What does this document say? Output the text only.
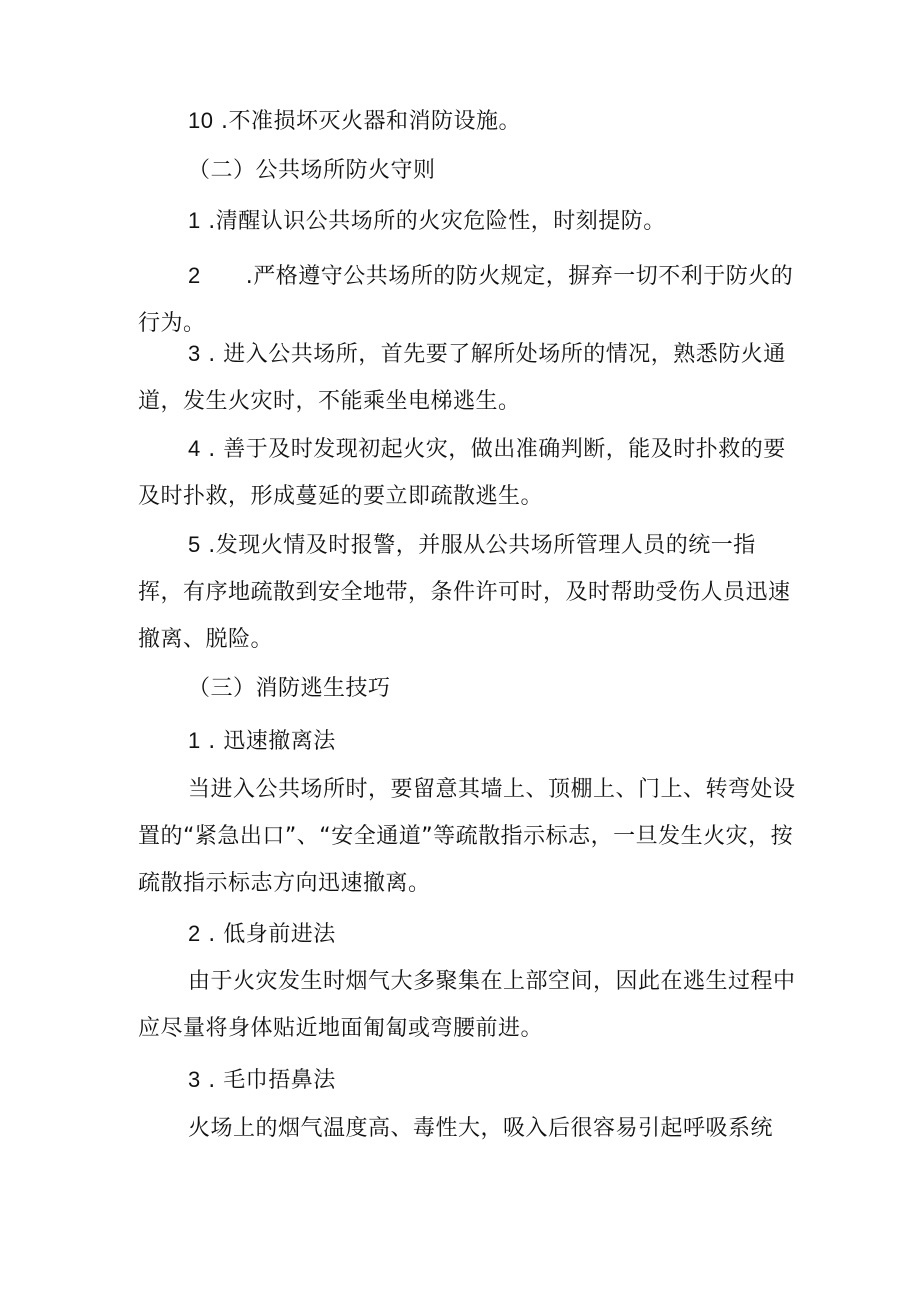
10 .不准损坏灭火器和消防设施。

（二）公共场所防火守则

1 .清醒认识公共场所的火灾危险性，时刻提防。

2　　.严格遵守公共场所的防火规定，摒弃一切不利于防火的行为。

3 . 进入公共场所，首先要了解所处场所的情况，熟悉防火通道，发生火灾时，不能乘坐电梯逃生。

4 . 善于及时发现初起火灾，做出准确判断，能及时扑救的要及时扑救，形成蔓延的要立即疏散逃生。

5 .发现火情及时报警，并服从公共场所管理人员的统一指挥，有序地疏散到安全地带，条件许可时，及时帮助受伤人员迅速撤离、脱险。

（三）消防逃生技巧

1 . 迅速撤离法

当进入公共场所时，要留意其墙上、顶棚上、门上、转弯处设置的“紧急出口”、“安全通道”等疏散指示标志，一旦发生火灾，按疏散指示标志方向迅速撤离。

2 . 低身前进法

由于火灾发生时烟气大多聚集在上部空间，因此在逃生过程中应尽量将身体贴近地面匍匐或弯腰前进。

3 . 毛巾捂鼻法

火场上的烟气温度高、毒性大，吸入后很容易引起呼吸系统
